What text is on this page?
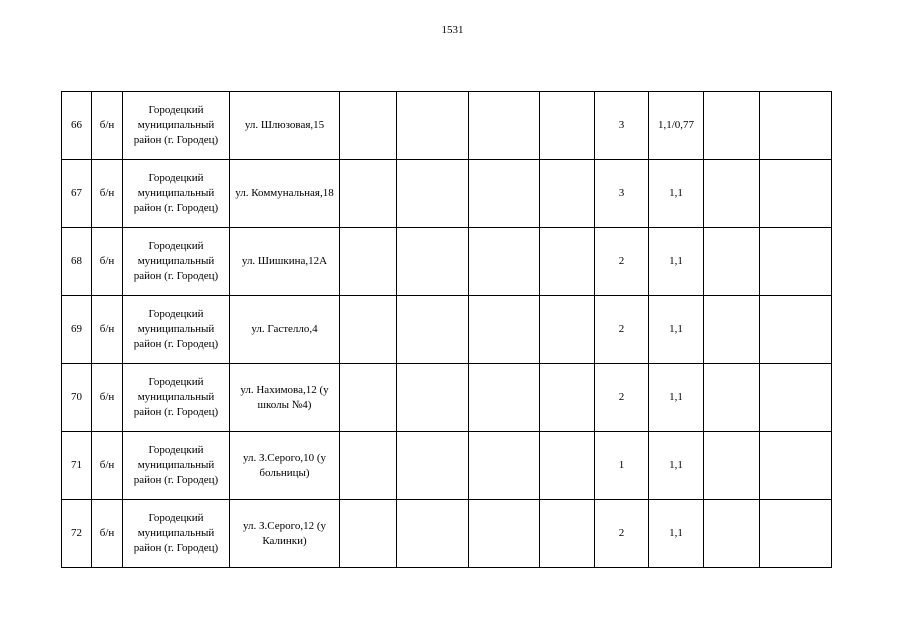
1531
66	б/н	Городецкий муниципальный район (г. Городец)	ул. Шлюзовая,15					3	1,1/0,77		
67	б/н	Городецкий муниципальный район (г. Городец)	ул. Коммунальная,18					3	1,1		
68	б/н	Городецкий муниципальный район (г. Городец)	ул. Шишкина,12А					2	1,1		
69	б/н	Городецкий муниципальный район (г. Городец)	ул. Гастелло,4					2	1,1		
70	б/н	Городецкий муниципальный район (г. Городец)	ул. Нахимова,12 (у школы №4)					2	1,1		
71	б/н	Городецкий муниципальный район (г. Городец)	ул. З.Серого,10 (у больницы)					1	1,1		
72	б/н	Городецкий муниципальный район (г. Городец)	ул. З.Серого,12 (у Калинки)					2	1,1		
